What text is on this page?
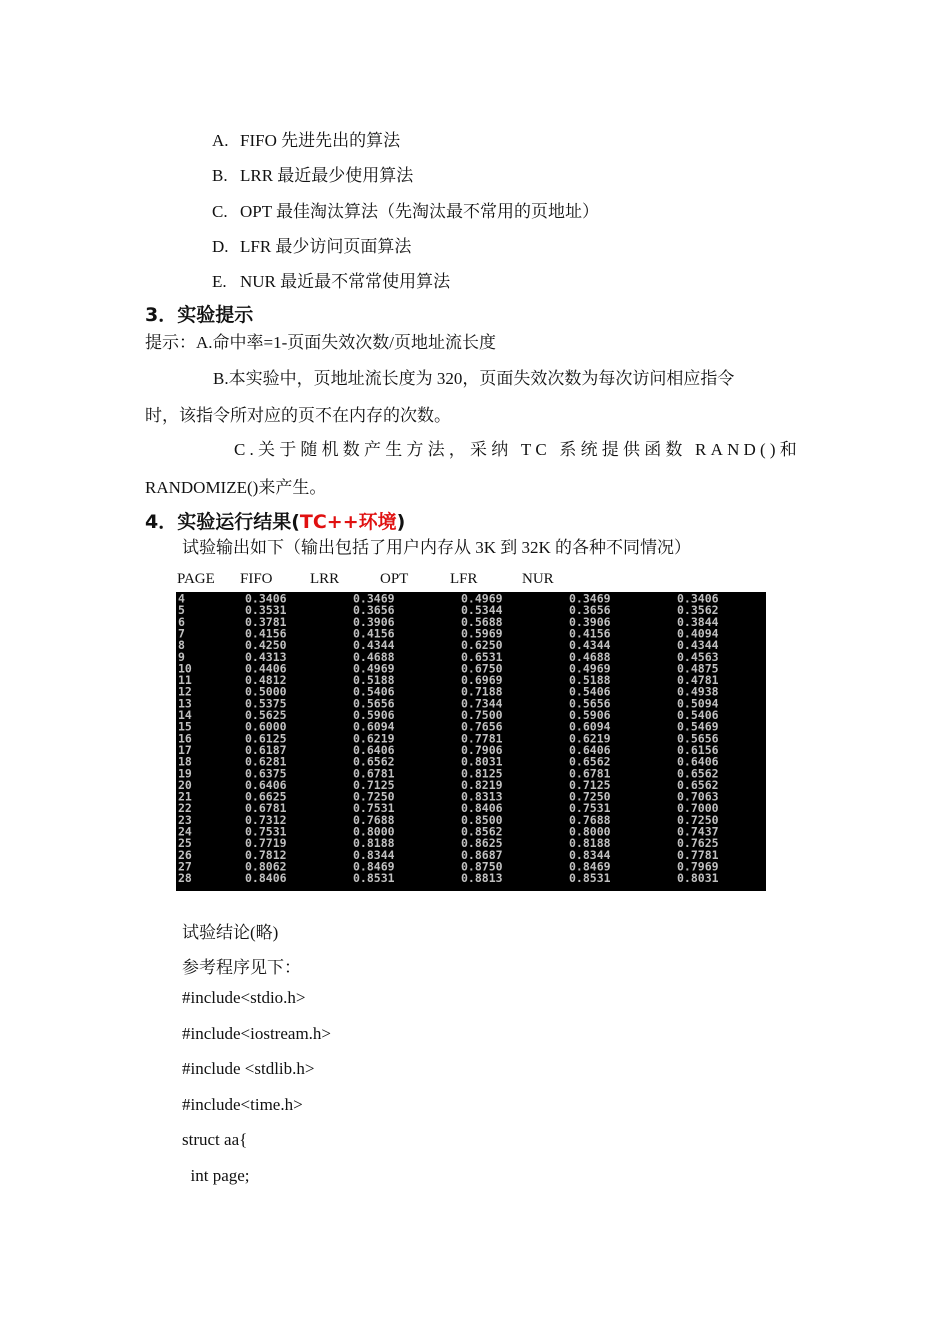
A. FIFO 先进先出的算法
B. LRR 最近最少使用算法
C. OPT 最佳淘汰算法（先淘汰最不常用的页地址）
D. LFR 最少访问页面算法
E. NUR 最近最不常常使用算法
3．实验提示
提示：A.命中率=1-页面失效次数/页地址流长度
B.本实验中，页地址流长度为 320，页面失效次数为每次访问相应指令
时，该指令所对应的页不在内存的次数。
C.关于随机数产生方法，采纳 TC 系统提供函数 RAND()和
RANDOMIZE()来产生。
4．实验运行结果(TC++环境)
试验输出如下（输出包括了用户内存从 3K 到 32K 的各种不同情况）
PAGE FIFO LRR	OPT	LFR	NUR
4	0.3406	0.3469	0.4969	0.3469	0.3406
5	0.3531	0.3656	0.5344	0.3656	0.3562
6	0.3781	0.3906	0.5688	0.3906	0.3844
7	0.4156	0.4156	0.5969	0.4156	0.4094
8	0.4250	0.4344	0.6250	0.4344	0.4344
9	0.4313	0.4688	0.6531	0.4688	0.4563
10	0.4406	0.4969	0.6750	0.4969	0.4875
11	0.4812	0.5188	0.6969	0.5188	0.4781
12	0.5000	0.5406	0.7188	0.5406	0.4938
13	0.5375	0.5656	0.7344	0.5656	0.5094
14	0.5625	0.5906	0.7500	0.5906	0.5406
15	0.6000	0.6094	0.7656	0.6094	0.5469
16	0.6125	0.6219	0.7781	0.6219	0.5656
17	0.6187	0.6406	0.7906	0.6406	0.6156
18	0.6281	0.6562	0.8031	0.6562	0.6406
19	0.6375	0.6781	0.8125	0.6781	0.6562
20	0.6406	0.7125	0.8219	0.7125	0.6562
21	0.6625	0.7250	0.8313	0.7250	0.7063
22	0.6781	0.7531	0.8406	0.7531	0.7000
23	0.7312	0.7688	0.8500	0.7688	0.7250
24	0.7531	0.8000	0.8562	0.8000	0.7437
25	0.7719	0.8188	0.8625	0.8188	0.7625
26	0.7812	0.8344	0.8687	0.8344	0.7781
27	0.8062	0.8469	0.8750	0.8469	0.7969
28	0.8406	0.8531	0.8813	0.8531	0.8031
试验结论(略)
参考程序见下：
#include<stdio.h>
#include<iostream.h>
#include <stdlib.h>
#include<time.h>
struct aa{
int page;
